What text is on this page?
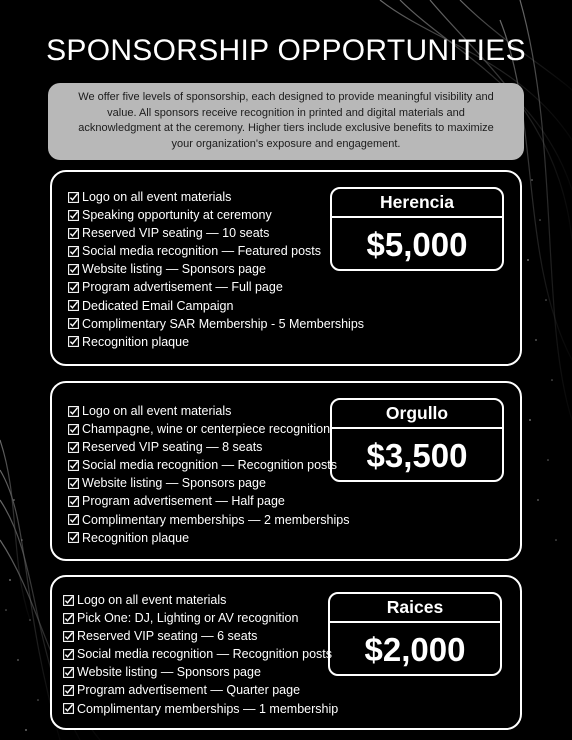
SPONSORSHIP OPPORTUNITIES
We offer five levels of sponsorship, each designed to provide meaningful visibility and value. All sponsors receive recognition in printed and digital materials and acknowledgment at the ceremony. Higher tiers include exclusive benefits to maximize your organization's exposure and engagement.
Logo on all event materials
Speaking opportunity at ceremony
Reserved VIP seating — 10 seats
Social media recognition — Featured posts
Website listing — Sponsors page
Program advertisement — Full page
Dedicated Email Campaign
Complimentary SAR Membership - 5 Memberships
Recognition plaque
Herencia
$5,000
Logo on all event materials
Champagne, wine or centerpiece recognition
Reserved VIP seating — 8 seats
Social media recognition — Recognition posts
Website listing — Sponsors page
Program advertisement — Half page
Complimentary memberships — 2 memberships
Recognition plaque
Orgullo
$3,500
Logo on all event materials
Pick One: DJ, Lighting or AV recognition
Reserved VIP seating — 6 seats
Social media recognition — Recognition posts
Website listing — Sponsors page
Program advertisement — Quarter page
Complimentary memberships — 1 membership
Raices
$2,000
